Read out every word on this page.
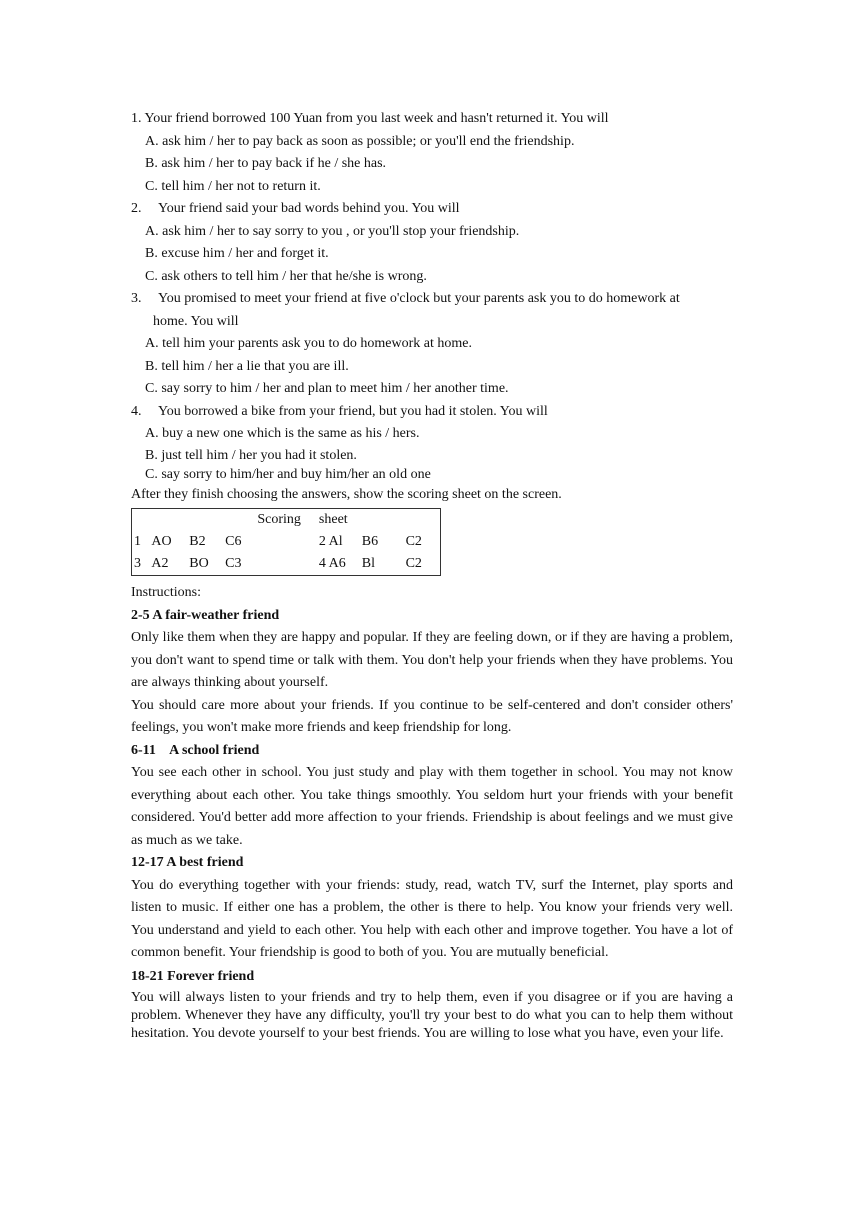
1. Your friend borrowed 100 Yuan from you last week and hasn't returned it. You will

A. ask him / her to pay back as soon as possible; or you'll end the friendship.

B. ask him / her to pay back if he / she has.

C. tell him / her not to return it.

2. Your friend said your bad words behind you. You will

A. ask him / her to say sorry to you , or you'll stop your friendship.

B. excuse him / her and forget it.

C. ask others to tell him / her that he/she is wrong.

3. You promised to meet your friend at five o'clock but your parents ask you to do homework at

home. You will

A. tell him your parents ask you to do homework at home.

B. tell him / her a lie that you are ill.

C. say sorry to him / her and plan to meet him / her another time.

4. You borrowed a bike from your friend, but you had it stolen. You will

A. buy a new one which is the same as his / hers.

B. just tell him / her you had it stolen.

C. say sorry to him/her and buy him/her an old one

After they finish choosing the answers, show the scoring sheet on the screen.

			Scoring	sheet		
1	AO	B2	C6	2 Al	B6	C2
3	A2	BO	C3	4 A6	Bl	C2

Instructions:

2-5 A fair-weather friend

Only like them when they are happy and popular. If they are feeling down, or if they are having a problem, you don't want to spend time or talk with them. You don't help your friends when they have problems. You are always thinking about yourself.

You should care more about your friends. If you continue to be self-centered and don't consider others' feelings, you won't make more friends and keep friendship for long.

6-11    A school friend

You see each other in school. You just study and play with them together in school. You may not know everything about each other. You take things smoothly. You seldom hurt your friends with your benefit considered. You'd better add more affection to your friends. Friendship is about feelings and we must give as much as we take.

12-17 A best friend

You do everything together with your friends: study, read, watch TV, surf the Internet, play sports and listen to music. If either one has a problem, the other is there to help. You know your friends very well. You understand and yield to each other. You help with each other and improve together. You have a lot of common benefit. Your friendship is good to both of you. You are mutually beneficial.

18-21 Forever friend

You will always listen to your friends and try to help them, even if you disagree or if you are having a problem. Whenever they have any difficulty, you'll try your best to do what you can to help them without hesitation. You devote yourself to your best friends. You are willing to lose what you have, even your life.
